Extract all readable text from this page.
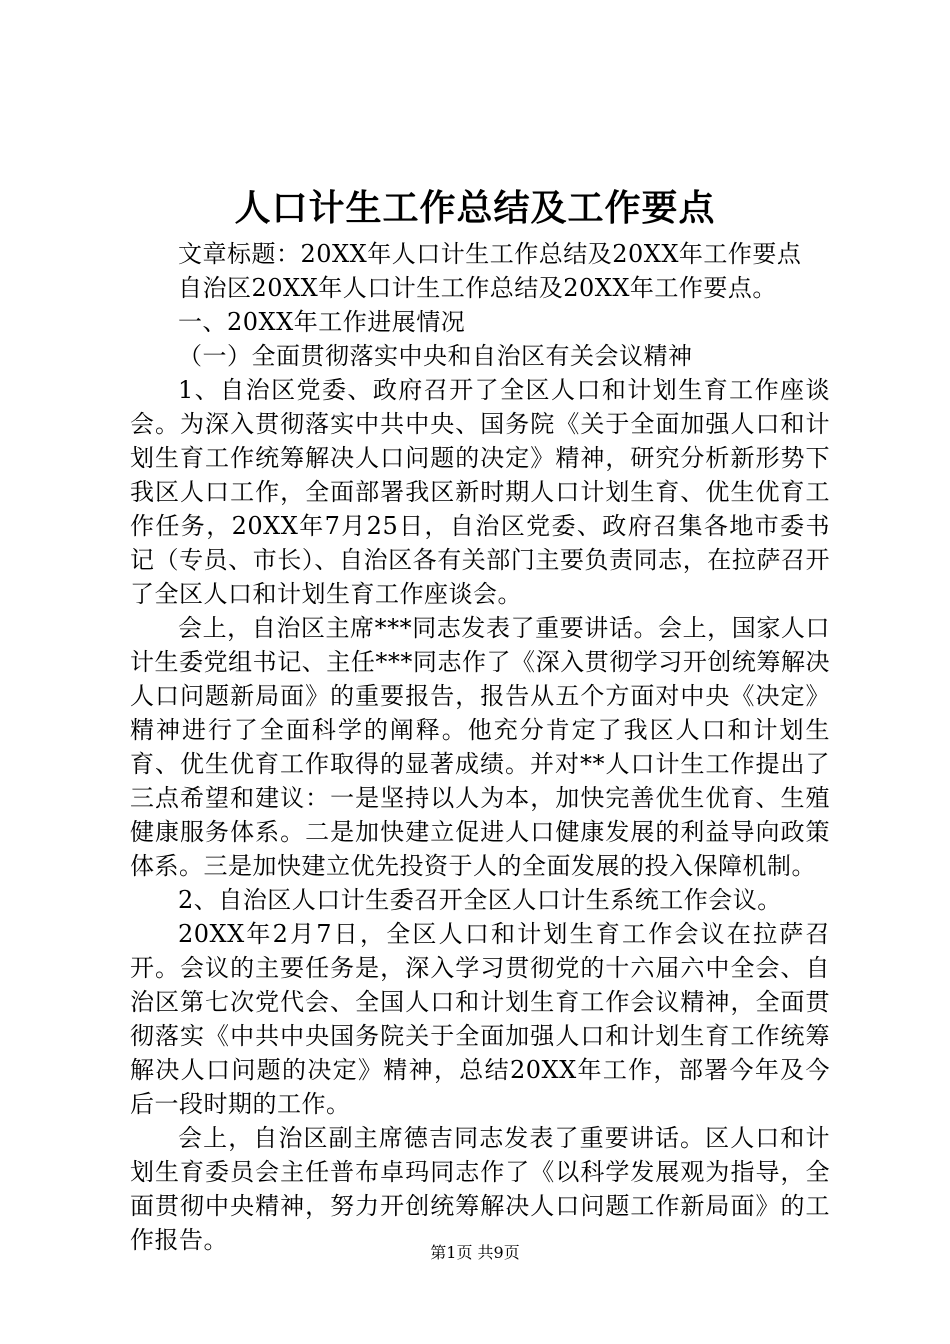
人口计生工作总结及工作要点

文章标题：20XX年人口计生工作总结及20XX年工作要点

自治区20XX年人口计生工作总结及20XX年工作要点。

一、20XX年工作进展情况

（一）全面贯彻落实中央和自治区有关会议精神

1、自治区党委、政府召开了全区人口和计划生育工作座谈会。为深入贯彻落实中共中央、国务院《关于全面加强人口和计划生育工作统筹解决人口问题的决定》精神，研究分析新形势下我区人口工作，全面部署我区新时期人口计划生育、优生优育工作任务，20XX年7月25日，自治区党委、政府召集各地市委书记（专员、市长）、自治区各有关部门主要负责同志，在拉萨召开了全区人口和计划生育工作座谈会。

会上，自治区主席***同志发表了重要讲话。会上，国家人口计生委党组书记、主任***同志作了《深入贯彻学习开创统筹解决人口问题新局面》的重要报告，报告从五个方面对中央《决定》精神进行了全面科学的阐释。他充分肯定了我区人口和计划生育、优生优育工作取得的显著成绩。并对**人口计生工作提出了三点希望和建议：一是坚持以人为本，加快完善优生优育、生殖健康服务体系。二是加快建立促进人口健康发展的利益导向政策体系。三是加快建立优先投资于人的全面发展的投入保障机制。

2、自治区人口计生委召开全区人口计生系统工作会议。

20XX年2月7日，全区人口和计划生育工作会议在拉萨召开。会议的主要任务是，深入学习贯彻党的十六届六中全会、自治区第七次党代会、全国人口和计划生育工作会议精神，全面贯彻落实《中共中央国务院关于全面加强人口和计划生育工作统筹解决人口问题的决定》精神，总结20XX年工作，部署今年及今后一段时期的工作。

会上，自治区副主席德吉同志发表了重要讲话。区人口和计划生育委员会主任普布卓玛同志作了《以科学发展观为指导，全面贯彻中央精神，努力开创统筹解决人口问题工作新局面》的工作报告。	第1页 共9页
